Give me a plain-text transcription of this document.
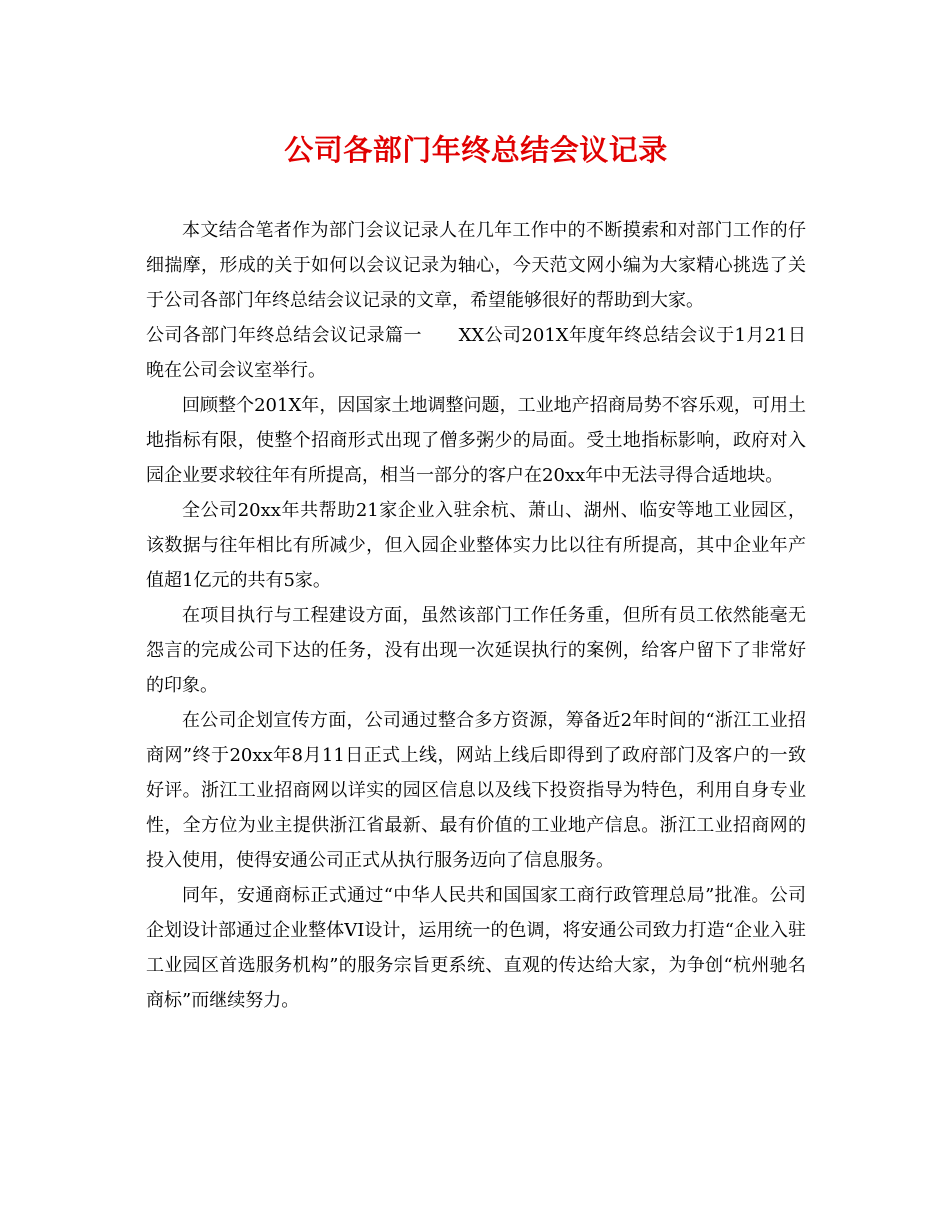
公司各部门年终总结会议记录

本文结合笔者作为部门会议记录人在几年工作中的不断摸索和对部门工作的仔细揣摩，形成的关于如何以会议记录为轴心，今天范文网小编为大家精心挑选了关于公司各部门年终总结会议记录的文章，希望能够很好的帮助到大家。

公司各部门年终总结会议记录篇一　　XX公司201X年度年终总结会议于1月21日晚在公司会议室举行。

回顾整个201X年，因国家土地调整问题，工业地产招商局势不容乐观，可用土地指标有限，使整个招商形式出现了僧多粥少的局面。受土地指标影响，政府对入园企业要求较往年有所提高，相当一部分的客户在20xx年中无法寻得合适地块。

全公司20xx年共帮助21家企业入驻余杭、萧山、湖州、临安等地工业园区，该数据与往年相比有所减少，但入园企业整体实力比以往有所提高，其中企业年产值超1亿元的共有5家。

在项目执行与工程建设方面，虽然该部门工作任务重，但所有员工依然能毫无怨言的完成公司下达的任务，没有出现一次延误执行的案例，给客户留下了非常好的印象。

在公司企划宣传方面，公司通过整合多方资源，筹备近2年时间的“浙江工业招商网”终于20xx年8月11日正式上线，网站上线后即得到了政府部门及客户的一致好评。浙江工业招商网以详实的园区信息以及线下投资指导为特色，利用自身专业性，全方位为业主提供浙江省最新、最有价值的工业地产信息。浙江工业招商网的投入使用，使得安通公司正式从执行服务迈向了信息服务。

同年，安通商标正式通过“中华人民共和国国家工商行政管理总局”批准。公司企划设计部通过企业整体VI设计，运用统一的色调，将安通公司致力打造“企业入驻工业园区首选服务机构”的服务宗旨更系统、直观的传达给大家，为争创“杭州驰名商标”而继续努力。
